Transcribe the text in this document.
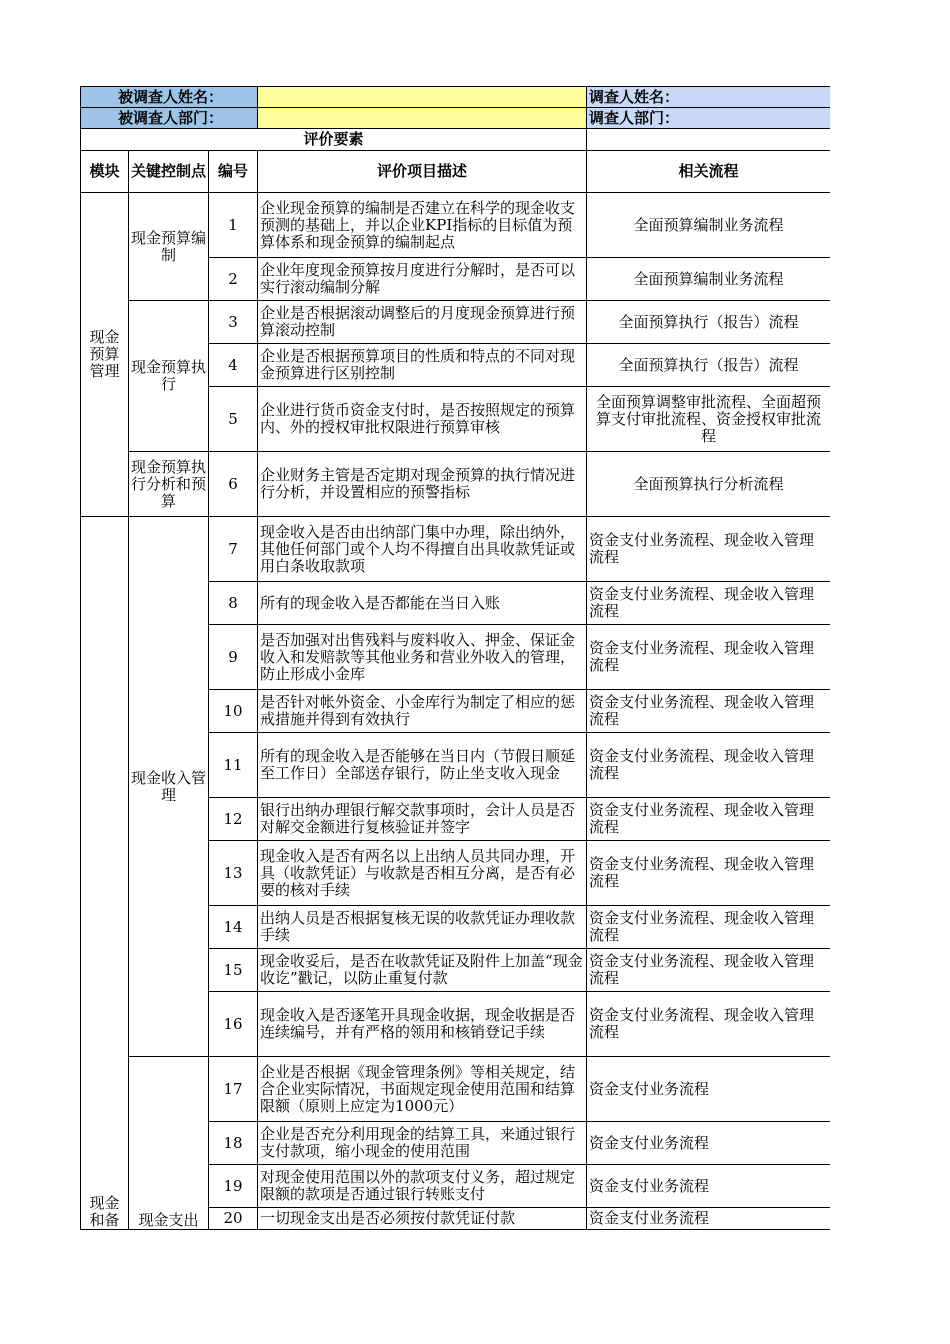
被调查人姓名：				调查人姓名：
被调查人部门：				调查人部门：
评价要素				
模块	关键控制点	编号	评价项目描述	相关流程
现金预算管理	现金预算编制	1	企业现金预算的编制是否建立在科学的现金收支预测的基础上，并以企业KPI指标的目标值为预算体系和现金预算的编制起点	全面预算编制业务流程
		2	企业年度现金预算按月度进行分解时，是否可以实行滚动编制分解	全面预算编制业务流程
	现金预算执行	3	企业是否根据滚动调整后的月度现金预算进行预算滚动控制	全面预算执行（报告）流程
		4	企业是否根据预算项目的性质和特点的不同对现金预算进行区别控制	全面预算执行（报告）流程
		5	企业进行货币资金支付时，是否按照规定的预算内、外的授权审批权限进行预算审核	全面预算调整审批流程、全面超预算支付审批流程、资金授权审批流程
	现金预算执行分析和预算	6	企业财务主管是否定期对现金预算的执行情况进行分析，并设置相应的预警指标	全面预算执行分析流程
现金和备	现金收入管理	7	现金收入是否由出纳部门集中办理，除出纳外，其他任何部门或个人均不得擅自出具收款凭证或用白条收取款项	资金支付业务流程、现金收入管理流程
		8	所有的现金收入是否都能在当日入账	资金支付业务流程、现金收入管理流程
		9	是否加强对出售残料与废料收入、押金、保证金收入和发赔款等其他业务和营业外收入的管理，防止形成小金库	资金支付业务流程、现金收入管理流程
		10	是否针对帐外资金、小金库行为制定了相应的惩戒措施并得到有效执行	资金支付业务流程、现金收入管理流程
		11	所有的现金收入是否能够在当日内（节假日顺延至工作日）全部送存银行，防止坐支收入现金	资金支付业务流程、现金收入管理流程
		12	银行出纳办理银行解交款事项时，会计人员是否对解交金额进行复核验证并签字	资金支付业务流程、现金收入管理流程
		13	现金收入是否有两名以上出纳人员共同办理，开具（收款凭证）与收款是否相互分离，是否有必要的核对手续	资金支付业务流程、现金收入管理流程
		14	出纳人员是否根据复核无误的收款凭证办理收款手续	资金支付业务流程、现金收入管理流程
		15	现金收妥后，是否在收款凭证及附件上加盖“现金收讫”戳记，以防止重复付款	资金支付业务流程、现金收入管理流程
		16	现金收入是否逐笔开具现金收据，现金收据是否连续编号，并有严格的领用和核销登记手续	资金支付业务流程、现金收入管理流程
	现金支出	17	企业是否根据《现金管理条例》等相关规定，结合企业实际情况，书面规定现金使用范围和结算限额（原则上应定为1000元）	资金支付业务流程
		18	企业是否充分利用现金的结算工具，来通过银行支付款项，缩小现金的使用范围	资金支付业务流程
		19	对现金使用范围以外的款项支付义务，超过规定限额的款项是否通过银行转账支付	资金支付业务流程
		20	一切现金支出是否必须按付款凭证付款	资金支付业务流程
